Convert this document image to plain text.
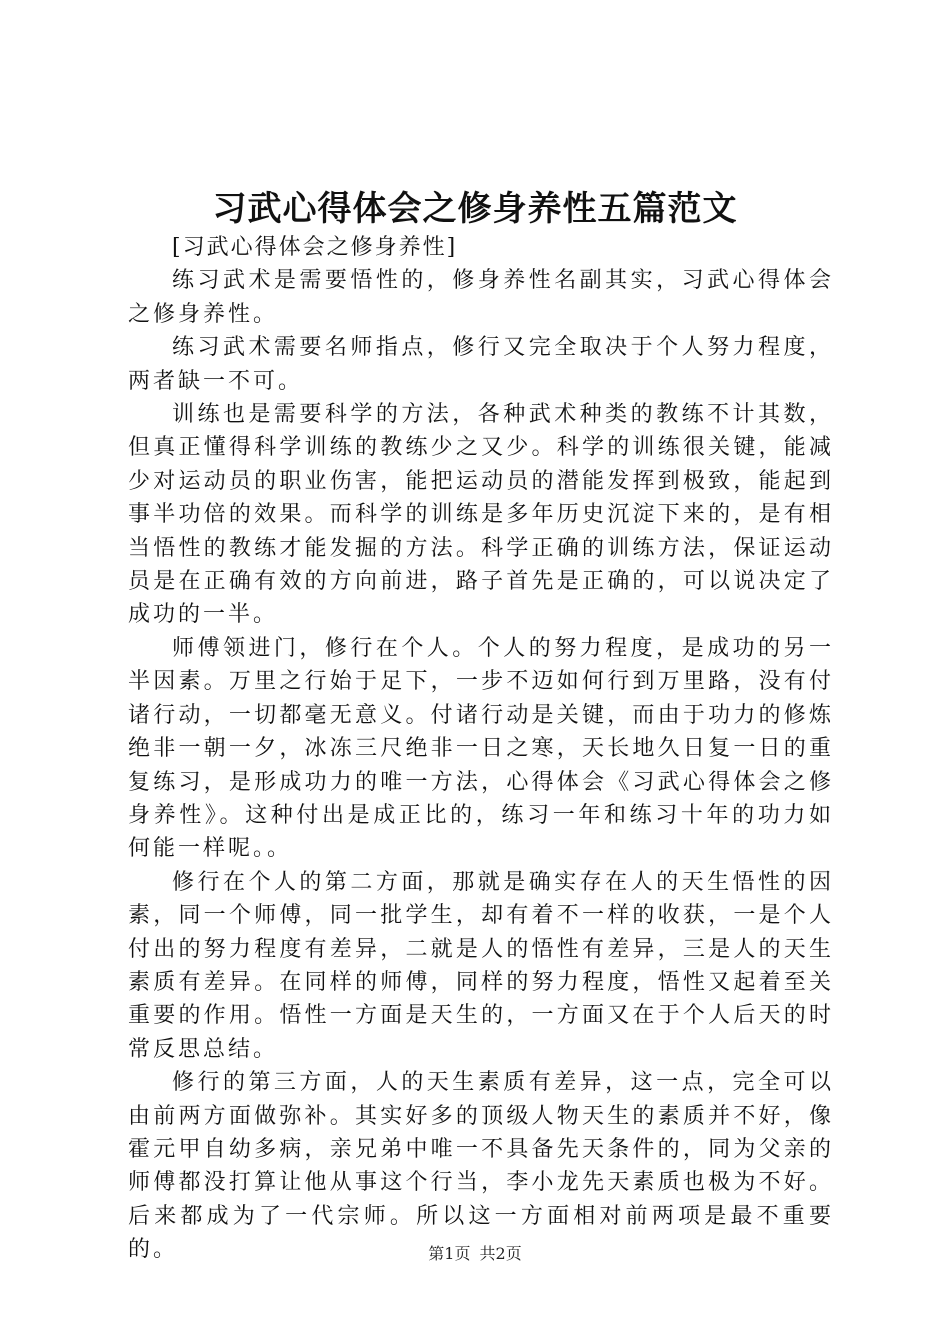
习武心得体会之修身养性五篇范文

[习武心得体会之修身养性]

练习武术是需要悟性的，修身养性名副其实，习武心得体会之修身养性。

练习武术需要名师指点，修行又完全取决于个人努力程度，两者缺一不可。

训练也是需要科学的方法，各种武术种类的教练不计其数，但真正懂得科学训练的教练少之又少。科学的训练很关键，能减少对运动员的职业伤害，能把运动员的潜能发挥到极致，能起到事半功倍的效果。而科学的训练是多年历史沉淀下来的，是有相当悟性的教练才能发掘的方法。科学正确的训练方法，保证运动员是在正确有效的方向前进，路子首先是正确的，可以说决定了成功的一半。

师傅领进门，修行在个人。个人的努力程度，是成功的另一半因素。万里之行始于足下，一步不迈如何行到万里路，没有付诸行动，一切都毫无意义。付诸行动是关键，而由于功力的修炼绝非一朝一夕，冰冻三尺绝非一日之寒，天长地久日复一日的重复练习，是形成功力的唯一方法，心得体会《习武心得体会之修身养性》。这种付出是成正比的，练习一年和练习十年的功力如何能一样呢。。

修行在个人的第二方面，那就是确实存在人的天生悟性的因素，同一个师傅，同一批学生，却有着不一样的收获，一是个人付出的努力程度有差异，二就是人的悟性有差异，三是人的天生素质有差异。在同样的师傅，同样的努力程度，悟性又起着至关重要的作用。悟性一方面是天生的，一方面又在于个人后天的时常反思总结。

修行的第三方面，人的天生素质有差异，这一点，完全可以由前两方面做弥补。其实好多的顶级人物天生的素质并不好，像霍元甲自幼多病，亲兄弟中唯一不具备先天条件的，同为父亲的师傅都没打算让他从事这个行当，李小龙先天素质也极为不好。后来都成为了一代宗师。所以这一方面相对前两项是最不重要的。	第1页 共2页
